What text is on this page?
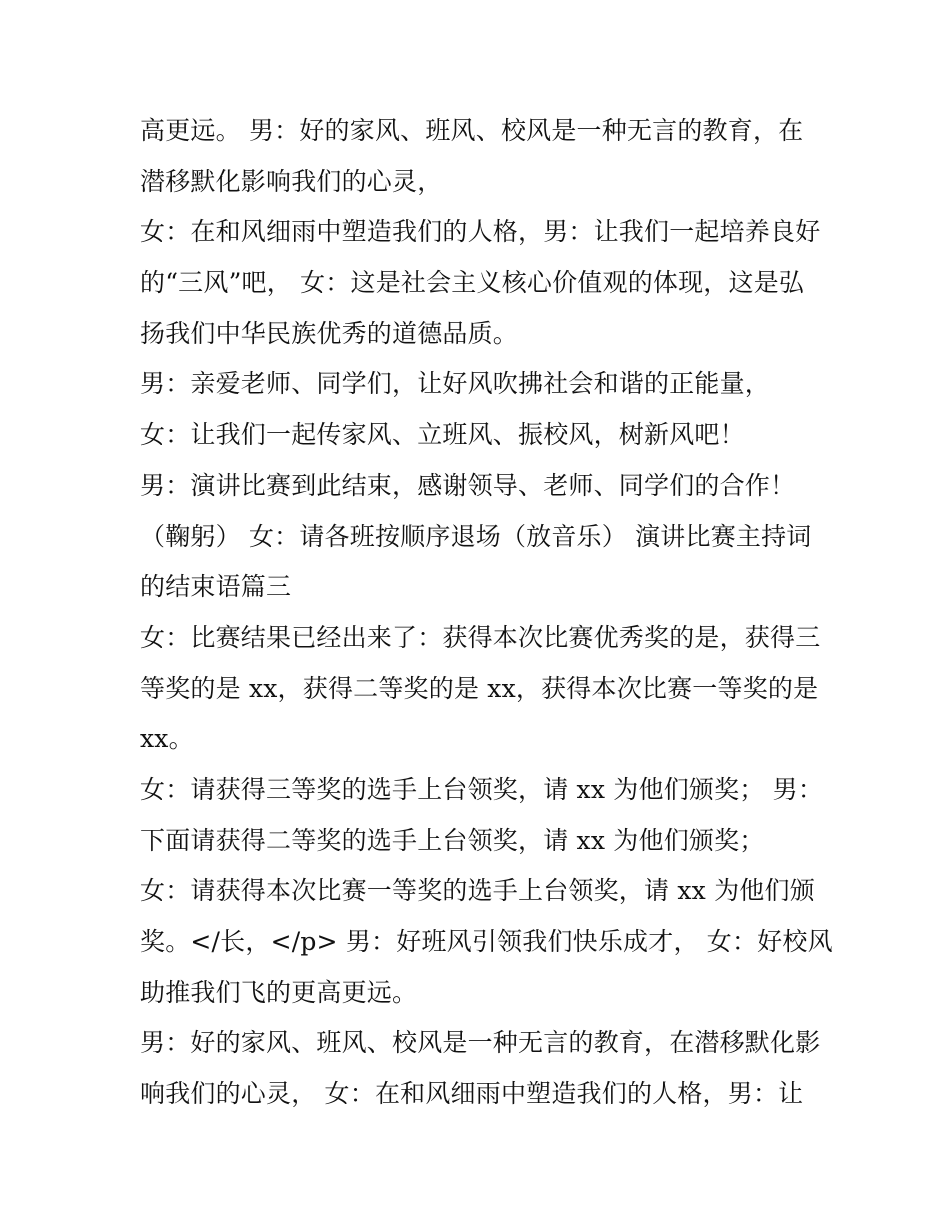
高更远。 男：好的家风、班风、校风是一种无言的教育，在
潜移默化影响我们的心灵，
女：在和风细雨中塑造我们的人格，男：让我们一起培养良好
的“三风”吧， 女：这是社会主义核心价值观的体现，这是弘
扬我们中华民族优秀的道德品质。
男：亲爱老师、同学们，让好风吹拂社会和谐的正能量，
女：让我们一起传家风、立班风、振校风，树新风吧！
男：演讲比赛到此结束，感谢领导、老师、同学们的合作！
（鞠躬） 女：请各班按顺序退场（放音乐） 演讲比赛主持词
的结束语篇三
女：比赛结果已经出来了：获得本次比赛优秀奖的是，获得三
等奖的是 xx，获得二等奖的是 xx，获得本次比赛一等奖的是
xx。
女：请获得三等奖的选手上台领奖，请 xx 为他们颁奖； 男：
下面请获得二等奖的选手上台领奖，请 xx 为他们颁奖；
女：请获得本次比赛一等奖的选手上台领奖，请 xx 为他们颁
奖。</长，</p> 男：好班风引领我们快乐成才， 女：好校风
助推我们飞的更高更远。
男：好的家风、班风、校风是一种无言的教育，在潜移默化影
响我们的心灵， 女：在和风细雨中塑造我们的人格，男：让
